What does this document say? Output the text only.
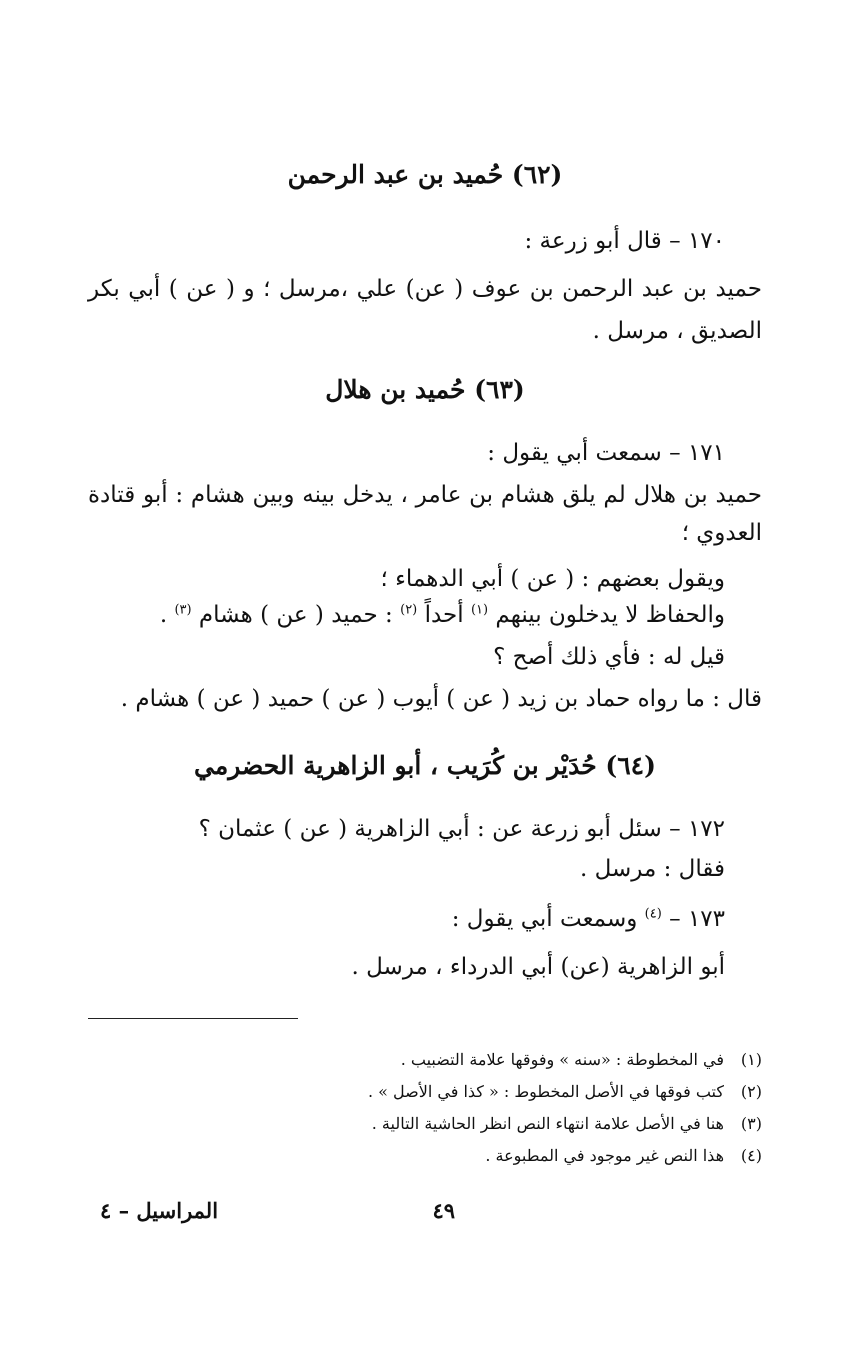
(٦٢) حُميد بن عبد الرحمن
١٧٠ – قال أبو زرعة :
حميد بن عبد الرحمن بن عوف ( عن) علي ،مرسل ؛ و ( عن ) أبي بكر
الصديق ، مرسل .
(٦٣) حُميد بن هلال
١٧١ – سمعت أبي يقول :
حميد بن هلال لم يلق هشام بن عامر ، يدخل بينه وبين هشام : أبو قتادة
العدوي ؛
ويقول بعضهم : ( عن ) أبي الدهماء ؛
والحفاظ لا يدخلون بينهم $^{(١)}$ أحداً $^{(٢)}$ : حميد ( عن ) هشام $^{(٣)}$ .
قيل له : فأي ذلك أصح ؟
قال : ما رواه حماد بن زيد ( عن ) أيوب ( عن ) حميد ( عن ) هشام .
(٦٤) حُدَيْر بن كُرَيب ، أبو الزاهرية الحضرمي
١٧٢ – سئل أبو زرعة عن : أبي الزاهرية ( عن ) عثمان ؟
فقال : مرسل .
١٧٣ – $^{(٤)}$ وسمعت أبي يقول :
أبو الزاهرية (عن) أبي الدرداء ، مرسل .
(١)في المخطوطة : «سنه » وفوقها علامة التضبيب .
(٢)كتب فوقها في الأصل المخطوط : « كذا في الأصل » .
(٣)هنا في الأصل علامة انتهاء النص انظر الحاشية التالية .
(٤)هذا النص غير موجود في المطبوعة .
٤٩
المراسيل – ٤
